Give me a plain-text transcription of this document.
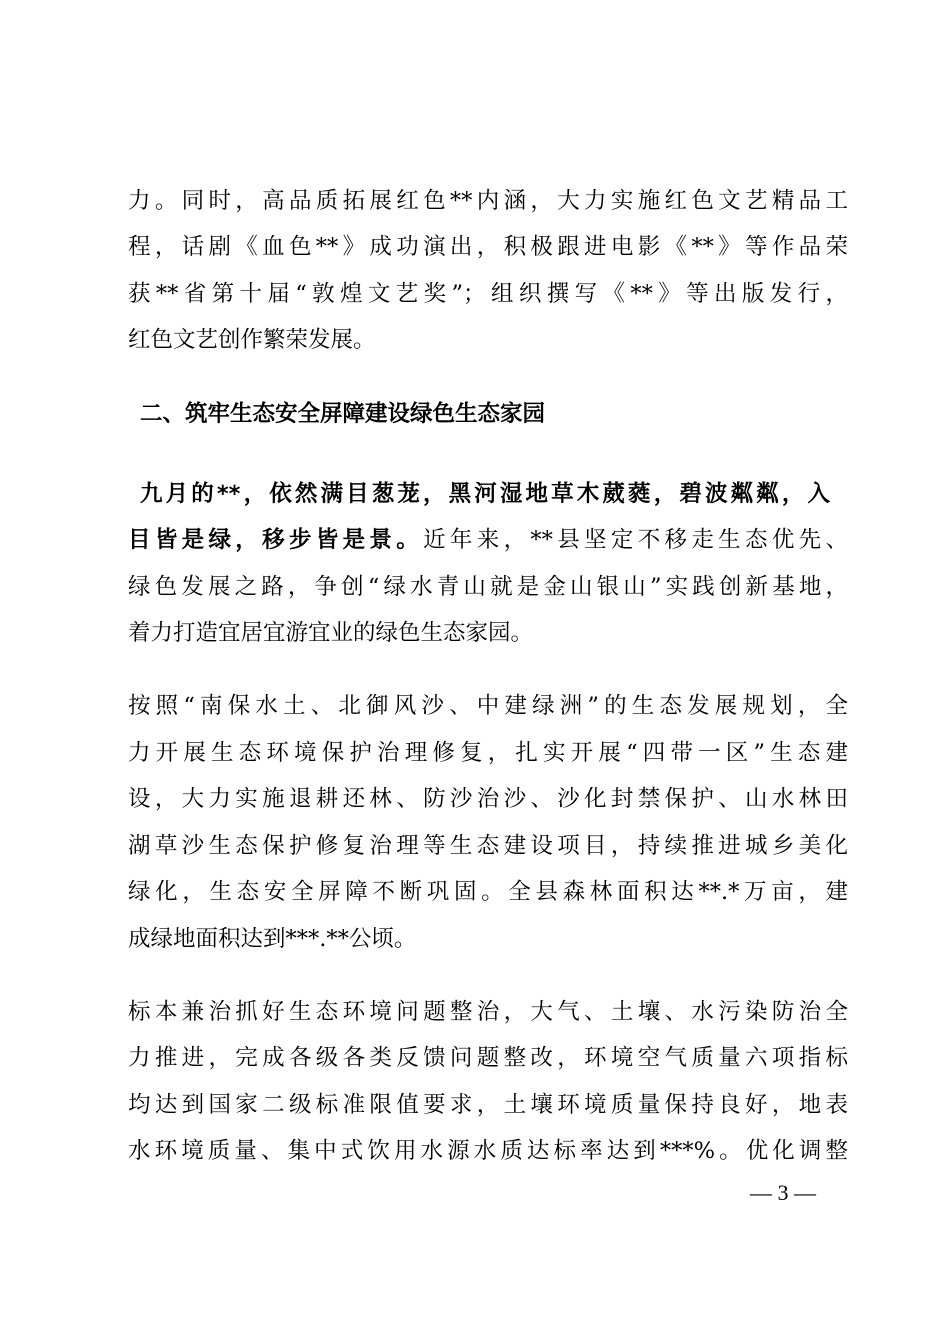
力。同时，高品质拓展红色**内涵，大力实施红色文艺精品工
程，话剧《血色**》成功演出，积极跟进电影《**》等作品荣
获**省第十届“敦煌文艺奖”；组织撰写《**》等出版发行，
红色文艺创作繁荣发展。
二、筑牢生态安全屏障建设绿色生态家园
九月的**，依然满目葱茏，黑河湿地草木葳蕤，碧波粼粼，入
目皆是绿，移步皆是景。近年来，**县坚定不移走生态优先、
绿色发展之路，争创“绿水青山就是金山银山”实践创新基地，
着力打造宜居宜游宜业的绿色生态家园。
按照“南保水土、北御风沙、中建绿洲”的生态发展规划，全
力开展生态环境保护治理修复，扎实开展“四带一区”生态建
设，大力实施退耕还林、防沙治沙、沙化封禁保护、山水林田
湖草沙生态保护修复治理等生态建设项目，持续推进城乡美化
绿化，生态安全屏障不断巩固。全县森林面积达**.*万亩，建
成绿地面积达到***.**公顷。
标本兼治抓好生态环境问题整治，大气、土壤、水污染防治全
力推进，完成各级各类反馈问题整改，环境空气质量六项指标
均达到国家二级标准限值要求，土壤环境质量保持良好，地表
水环境质量、集中式饮用水源水质达标率达到***%。优化调整
— 3 —
